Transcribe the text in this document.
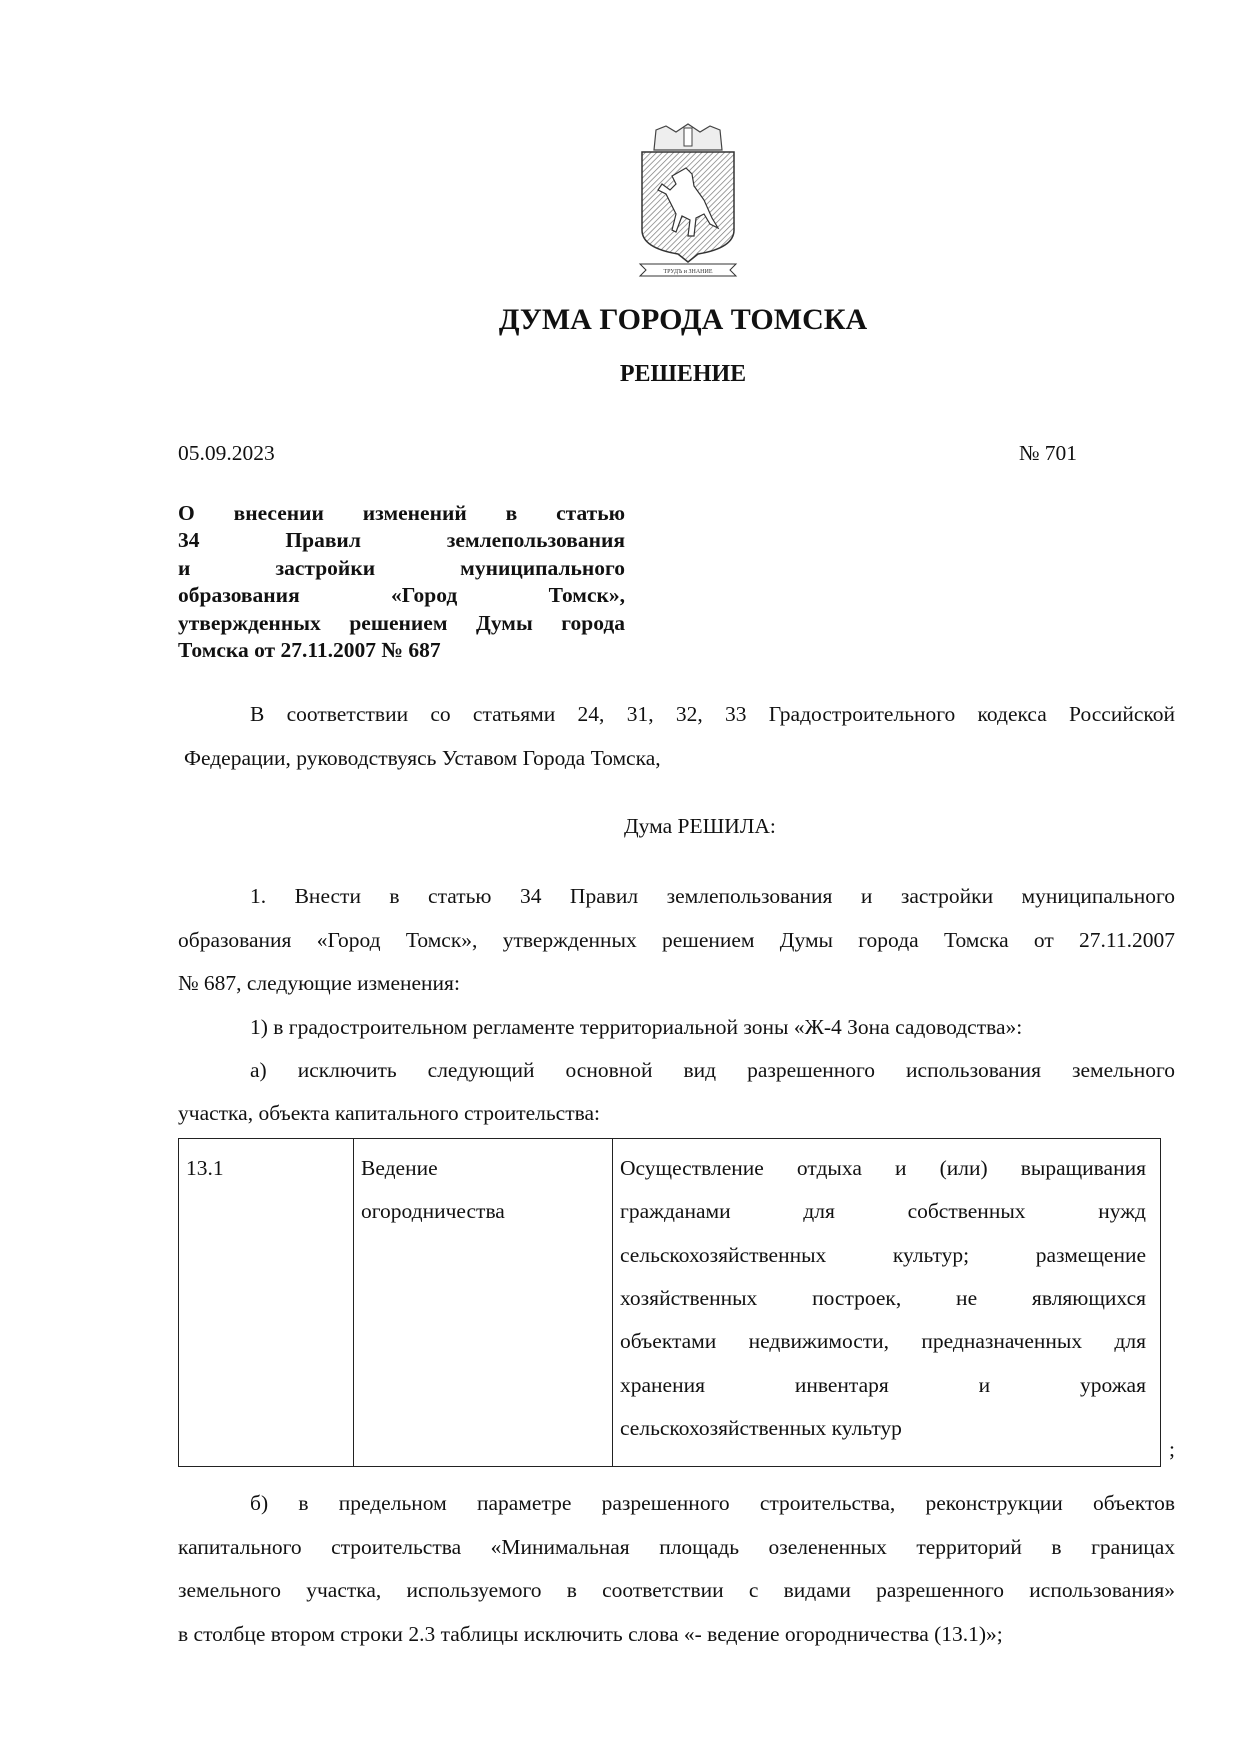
ТРУДЪ и ЗНАНИЕ
ДУМА ГОРОДА ТОМСКА
РЕШЕНИЕ
05.09.2023	№ 701
О внесении изменений в статью
34 Правил землепользования
и застройки муниципального
образования «Город Томск»,
утвержденных решением Думы города
Томска от 27.11.2007 № 687
В соответствии со статьями 24, 31, 32, 33 Градостроительного кодекса Российской
Федерации, руководствуясь Уставом Города Томска,
Дума РЕШИЛА:
1. Внести в статью 34 Правил землепользования и застройки муниципального
образования «Город Томск», утвержденных решением Думы города Томска от 27.11.2007
№ 687, следующие изменения:
1) в градостроительном регламенте территориальной зоны «Ж-4 Зона садоводства»:
а) исключить следующий основной вид разрешенного использования земельного
участка, объекта капитального строительства:
13.1	Ведение
огородничества
Осуществление отдыха и (или) выращивания
гражданами для собственных нужд
сельскохозяйственных культур; размещение
хозяйственных построек, не являющихся
объектами недвижимости, предназначенных для
хранения инвентаря и урожая
сельскохозяйственных культур
;
б) в предельном параметре разрешенного строительства, реконструкции объектов
капитального строительства «Минимальная площадь озелененных территорий в границах
земельного участка, используемого в соответствии с видами разрешенного использования»
в столбце втором строки 2.3 таблицы исключить слова «- ведение огородничества (13.1)»;
